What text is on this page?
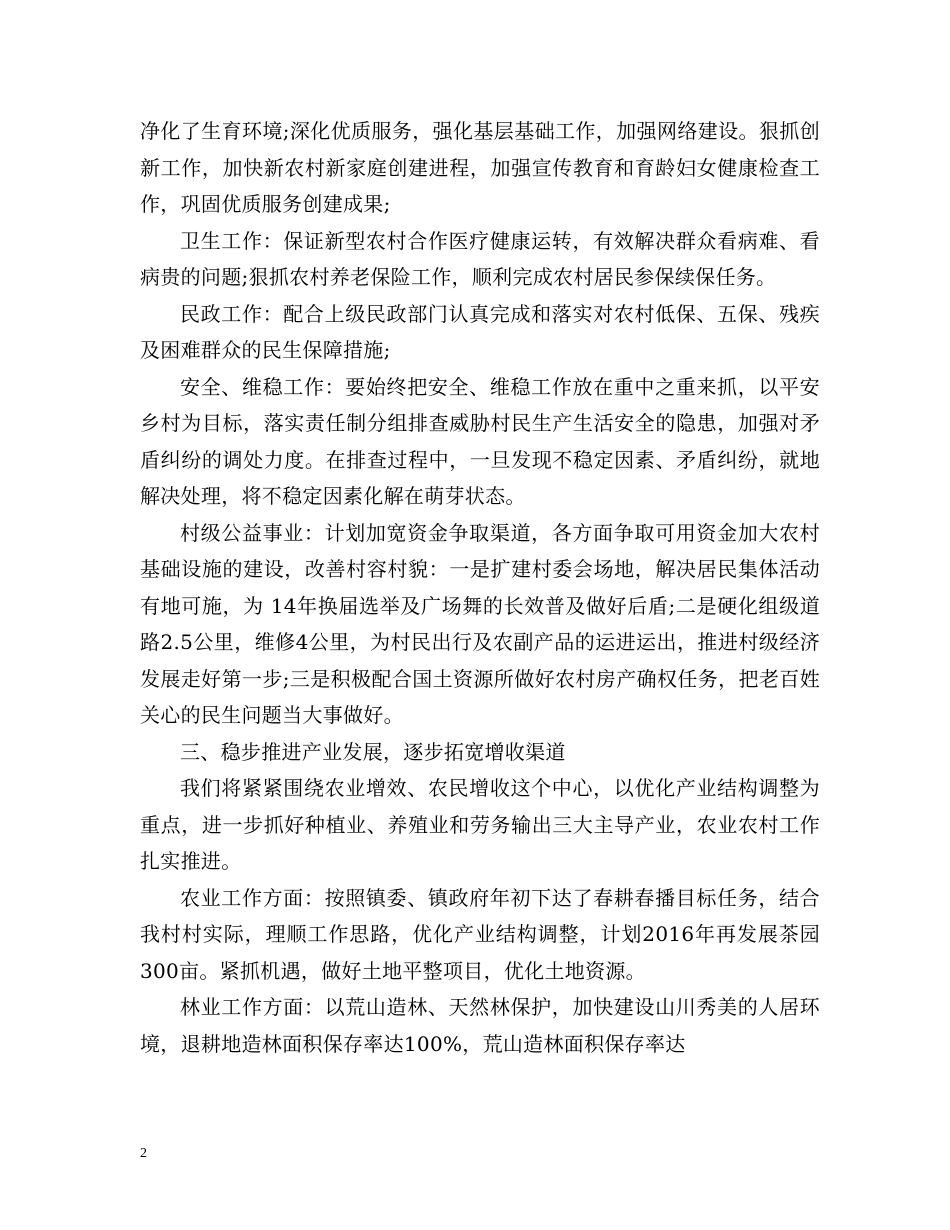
净化了生育环境;深化优质服务，强化基层基础工作，加强网络建设。狠抓创新工作，加快新农村新家庭创建进程，加强宣传教育和育龄妇女健康检查工作，巩固优质服务创建成果;

卫生工作：保证新型农村合作医疗健康运转，有效解决群众看病难、看病贵的问题;狠抓农村养老保险工作，顺利完成农村居民参保续保任务。

民政工作：配合上级民政部门认真完成和落实对农村低保、五保、残疾及困难群众的民生保障措施;

安全、维稳工作：要始终把安全、维稳工作放在重中之重来抓，以平安乡村为目标，落实责任制分组排查威胁村民生产生活安全的隐患，加强对矛盾纠纷的调处力度。在排查过程中，一旦发现不稳定因素、矛盾纠纷，就地解决处理，将不稳定因素化解在萌芽状态。

村级公益事业：计划加宽资金争取渠道，各方面争取可用资金加大农村基础设施的建设，改善村容村貌：一是扩建村委会场地，解决居民集体活动有地可施，为 14年换届选举及广场舞的长效普及做好后盾;二是硬化组级道路2.5公里，维修4公里，为村民出行及农副产品的运进运出，推进村级经济发展走好第一步;三是积极配合国土资源所做好农村房产确权任务，把老百姓关心的民生问题当大事做好。

三、稳步推进产业发展，逐步拓宽增收渠道

我们将紧紧围绕农业增效、农民增收这个中心，以优化产业结构调整为重点，进一步抓好种植业、养殖业和劳务输出三大主导产业，农业农村工作扎实推进。

农业工作方面：按照镇委、镇政府年初下达了春耕春播目标任务，结合我村村实际，理顺工作思路，优化产业结构调整，计划2016年再发展茶园300亩。紧抓机遇，做好土地平整项目，优化土地资源。

林业工作方面：以荒山造林、天然林保护，加快建设山川秀美的人居环境，退耕地造林面积保存率达100%，荒山造林面积保存率达

2
